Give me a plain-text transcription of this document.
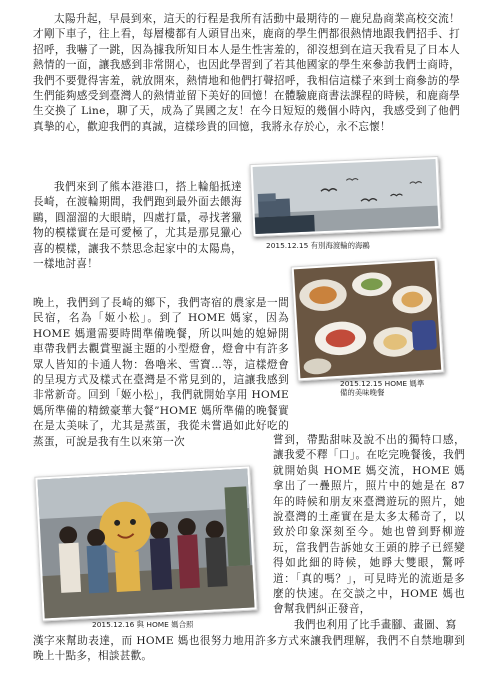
太陽升起，早晨到來，這天的行程是我所有活動中最期待的－鹿兒島商業高校交流！才剛下車子，往上看，每層樓都有人頭冒出來，鹿商的學生們都很熱情地跟我們招手、打招呼，我嚇了一跳，因為據我所知日本人是生性害羞的，卻沒想到在這天我看見了日本人熱情的一面，讓我感到非常開心，也因此學習到了若其他國家的學生來參訪我們士商時，我們不要覺得害羞，就放開來，熱情地和他們打聲招呼，我相信這樣子來到士商參訪的學生們能夠感受到臺灣人的熱情並留下美好的回憶！在體驗鹿商書法課程的時候，和鹿商學生交換了 Line，聊了天，成為了異國之友！在今日短短的幾個小時內，我感受到了他們真摯的心，歡迎我們的真誠，這樣珍貴的回憶，我將永存於心，永不忘懷！

我們來到了熊本港港口，搭上輪船抵達長崎，在渡輪期間，我們跑到最外面去餵海鷗，圓溜溜的大眼睛，四處打量，尋找著獵物的模樣實在是可愛極了，尤其是那見獵心喜的模樣，讓我不禁思念起家中的太陽鳥，一樣地討喜！

2015.12.15 有別海渡輪的海鷗
2015.12.15 HOME 媽準備的美味晚餐

晚上，我們到了長崎的鄉下，我們寄宿的農家是一間民宿，名為「姬小松」。到了 HOME 媽家，因為 HOME 媽還需要時間準備晚餐，所以叫她的媳婦開車帶我們去觀賞聖誕主題的小型燈會，燈會中有許多眾人皆知的卡通人物：魯嚕米、雪寶…等，這樣燈會的呈現方式及樣式在臺灣是不常見到的，這讓我感到非常新奇。回到「姬小松」，我們就開始享用 HOME 媽所準備的精緻豪華大餐”HOME 媽所準備的晚餐實在是太美味了，尤其是蒸蛋，我從未嘗過如此好吃的蒸蛋，可說是我有生以來第一次

2015.12.16 與 HOME 媽合照

嘗到，帶點甜味及說不出的獨特口感，讓我愛不釋「口」。在吃完晚餐後，我們就開始與 HOME 媽交流，HOME 媽拿出了一疊照片，照片中的她是在 87 年的時候和朋友來臺灣遊玩的照片，她說臺灣的土產實在是太多太稀奇了，以致於印象深刻至今。她也曾到野柳遊玩，當我們告訴她女王頭的脖子已經變得如此細的時候，她睜大雙眼，驚呼道：「真的嗎？」，可見時光的流逝是多麼的快速。在交談之中，HOME 媽也會幫我們糾正發音，

我們也利用了比手畫腳、畫圖、寫

漢字來幫助表達，而 HOME 媽也很努力地用許多方式來讓我們理解，我們不自禁地聊到晚上十點多，相談甚歡。
